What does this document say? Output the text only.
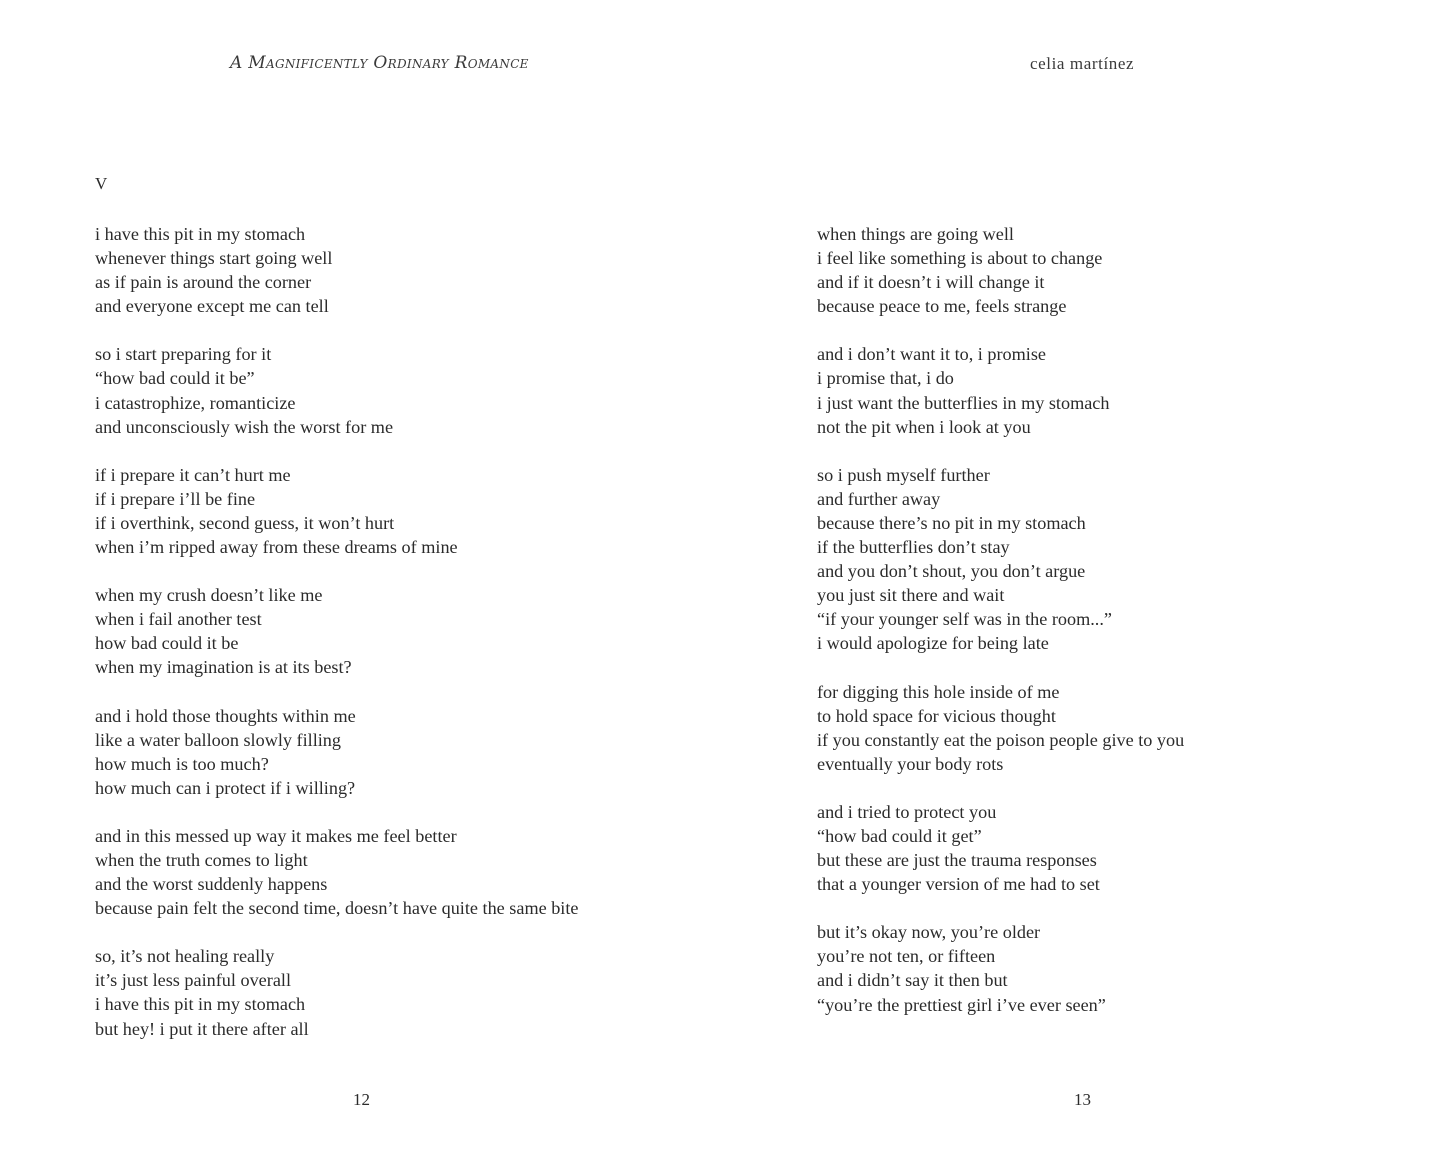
A Magnificently Ordinary Romance
V
i have this pit in my stomach
whenever things start going well
as if pain is around the corner
and everyone except me can tell
so i start preparing for it
“how bad could it be”
i catastrophize, romanticize
and unconsciously wish the worst for me
if i prepare it can’t hurt me
if i prepare i’ll be fine
if i overthink, second guess, it won’t hurt
when i’m ripped away from these dreams of mine
when my crush doesn’t like me
when i fail another test
how bad could it be
when my imagination is at its best?
and i hold those thoughts within me
like a water balloon slowly filling
how much is too much?
how much can i protect if i willing?
and in this messed up way it makes me feel better
when the truth comes to light
and the worst suddenly happens
because pain felt the second time, doesn’t have quite the same bite
so, it’s not healing really
it’s just less painful overall
i have this pit in my stomach
but hey! i put it there after all
12
celia martínez
when things are going well
i feel like something is about to change
and if it doesn’t i will change it
because peace to me, feels strange
and i don’t want it to, i promise
i promise that, i do
i just want the butterflies in my stomach
not the pit when i look at you
so i push myself further
and further away
because there’s no pit in my stomach
if the butterflies don’t stay
and you don’t shout, you don’t argue
you just sit there and wait
“if your younger self was in the room...”
i would apologize for being late
for digging this hole inside of me
to hold space for vicious thought
if you constantly eat the poison people give to you
eventually your body rots
and i tried to protect you
“how bad could it get”
but these are just the trauma responses
that a younger version of me had to set
but it’s okay now, you’re older
you’re not ten, or fifteen
and i didn’t say it then but
“you’re the prettiest girl i’ve ever seen”
13
